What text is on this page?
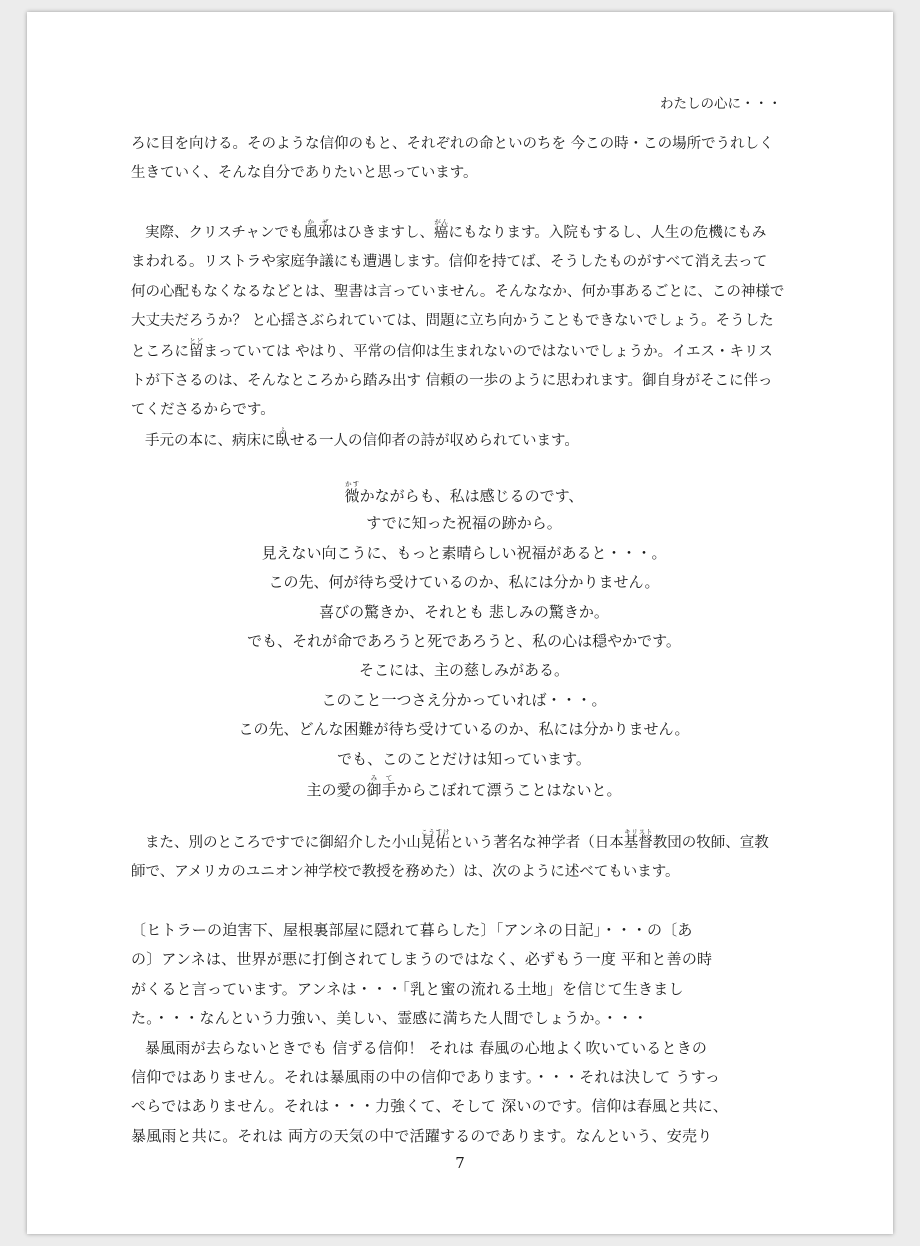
わたしの心に・・・

ろに目を向ける。そのような信仰のもと、それぞれの命といのちを 今この時・この場所でうれしく

生きていく、そんな自分でありたいと思っています。

実際、クリスチャンでも風邪かぜはひきますし、癌がんにもなります。入院もするし、人生の危機にもみ

まわれる。リストラや家庭争議にも遭遇します。信仰を持てば、そうしたものがすべて消え去って

何の心配もなくなるなどとは、聖書は言っていません。そんななか、何か事あるごとに、この神様で

大丈夫だろうか？ と心揺さぶられていては、問題に立ち向かうこともできないでしょう。そうした

ところに留とどまっていては やはり、平常の信仰は生まれないのではないでしょうか。イエス・キリス

トが下さるのは、そんなところから踏み出す 信頼の一歩のように思われます。御自身がそこに伴っ

てくださるからです。

手元の本に、病床に臥ふせる一人の信仰者の詩が収められています。

微かすかながらも、私は感じるのです、
すでに知った祝福の跡から。
見えない向こうに、もっと素晴らしい祝福があると・・・。
この先、何が待ち受けているのか、私には分かりません。
喜びの驚きか、それとも 悲しみの驚きか。
でも、それが命であろうと死であろうと、私の心は穏やかです。
そこには、主の慈しみがある。
このこと一つさえ分かっていれば・・・。
この先、どんな困難が待ち受けているのか、私には分かりません。
でも、このことだけは知っています。
主の愛の御手みてからこぼれて漂うことはないと。

また、別のところですでに御紹介した小山晃佑こうすけという著名な神学者（日本基督キリスト教団の牧師、宣教

師で、アメリカのユニオン神学校で教授を務めた）は、次のように述べてもいます。

〔ヒトラーの迫害下、屋根裏部屋に隠れて暮らした〕「アンネの日記」・・・の〔あ

の〕アンネは、世界が悪に打倒されてしまうのではなく、必ずもう一度 平和と善の時

がくると言っています。アンネは・・・「乳と蜜の流れる土地」を信じて生きまし

た。・・・なんという力強い、美しい、霊感に満ちた人間でしょうか。・・・

暴風雨が去らないときでも 信ずる信仰！ それは 春風の心地よく吹いているときの

信仰ではありません。それは暴風雨の中の信仰であります。・・・それは決して うすっ

ぺらではありません。それは・・・力強くて、そして 深いのです。信仰は春風と共に、

暴風雨と共に。それは 両方の天気の中で活躍するのであります。なんという、安売り

7
